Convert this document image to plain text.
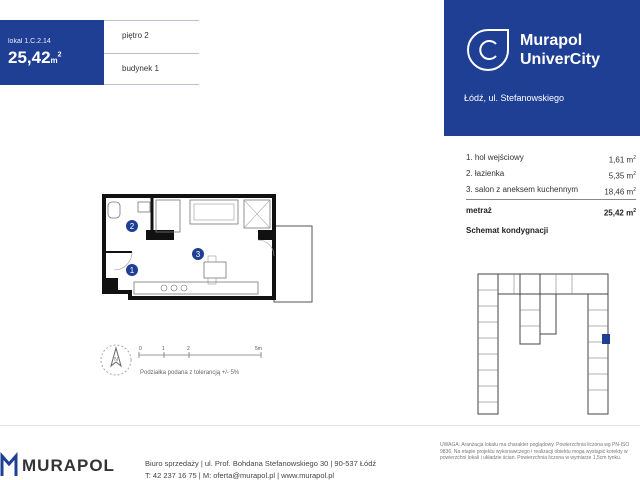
lokal 1.C.2.14
$25,42m^2$
piętro 2
budynek 1
Murapol
UniverCity
Łódź, ul. Stefanowskiego
1. hol wejściowy	1,61 $m^2$
2. łazienka	5,35 $m^2$
3. salon z aneksem kuchennym	18,46 $m^2$
metraż	25,42 $m^2$
Schemat kondygnacji
1
2
3
N
0	1	2	5m
Podziałka podana z tolerancją +/- 5%
MURAPOL	Biuro sprzedaży | ul. Prof. Bohdana Stefanowskiego 30 | 90-537 Łódź
T: 42 237 16 75 | M: oferta@murapol.pl | www.murapol.pl
UWAGA: Aranżacja lokalu ma charakter poglądowy. Powierzchnia liczona wg PN-ISO 9836. Na etapie projektu wykonawczego i realizacji obiektu mogą wystąpić korekty w powierzchni lokali i układzie ścian. Powierzchnia liczona w wymiarze 1,5cm tynku.
